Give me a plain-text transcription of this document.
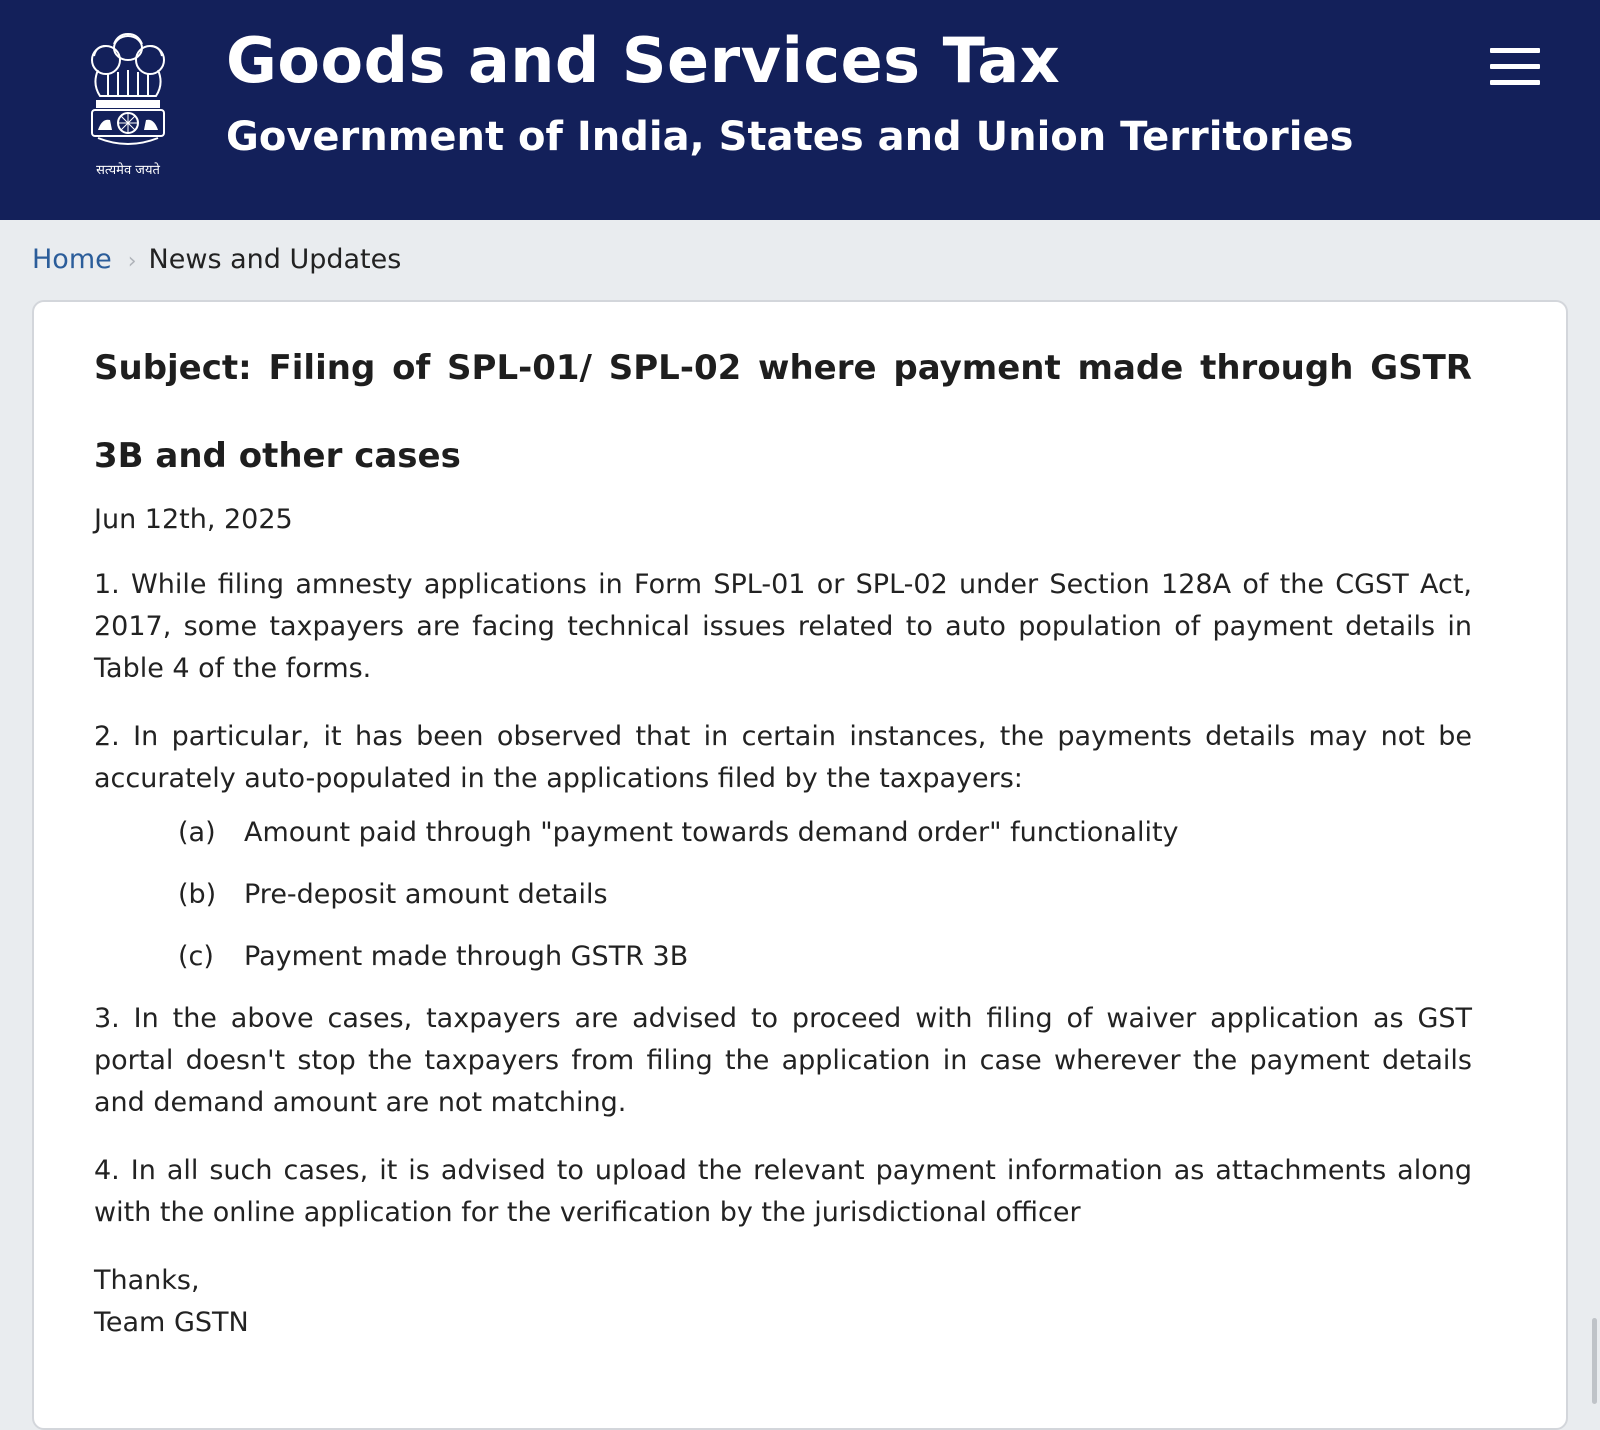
सत्यमेव जयते
Goods and Services Tax
Government of India, States and Union Territories
Home › News and Updates
Subject: Filing of SPL-01/ SPL-02 where payment made through GSTR 3B and other cases
Jun 12th, 2025
1. While filing amnesty applications in Form SPL-01 or SPL-02 under Section 128A of the CGST Act, 2017, some taxpayers are facing technical issues related to auto population of payment details in Table 4 of the forms.
2. In particular, it has been observed that in certain instances, the payments details may not be accurately auto-populated in the applications filed by the taxpayers:
(a) Amount paid through "payment towards demand order" functionality
(b) Pre-deposit amount details
(c) Payment made through GSTR 3B
3. In the above cases, taxpayers are advised to proceed with filing of waiver application as GST portal doesn't stop the taxpayers from filing the application in case wherever the payment details and demand amount are not matching.
4. In all such cases, it is advised to upload the relevant payment information as attachments along with the online application for the verification by the jurisdictional officer
Thanks,
Team GSTN
